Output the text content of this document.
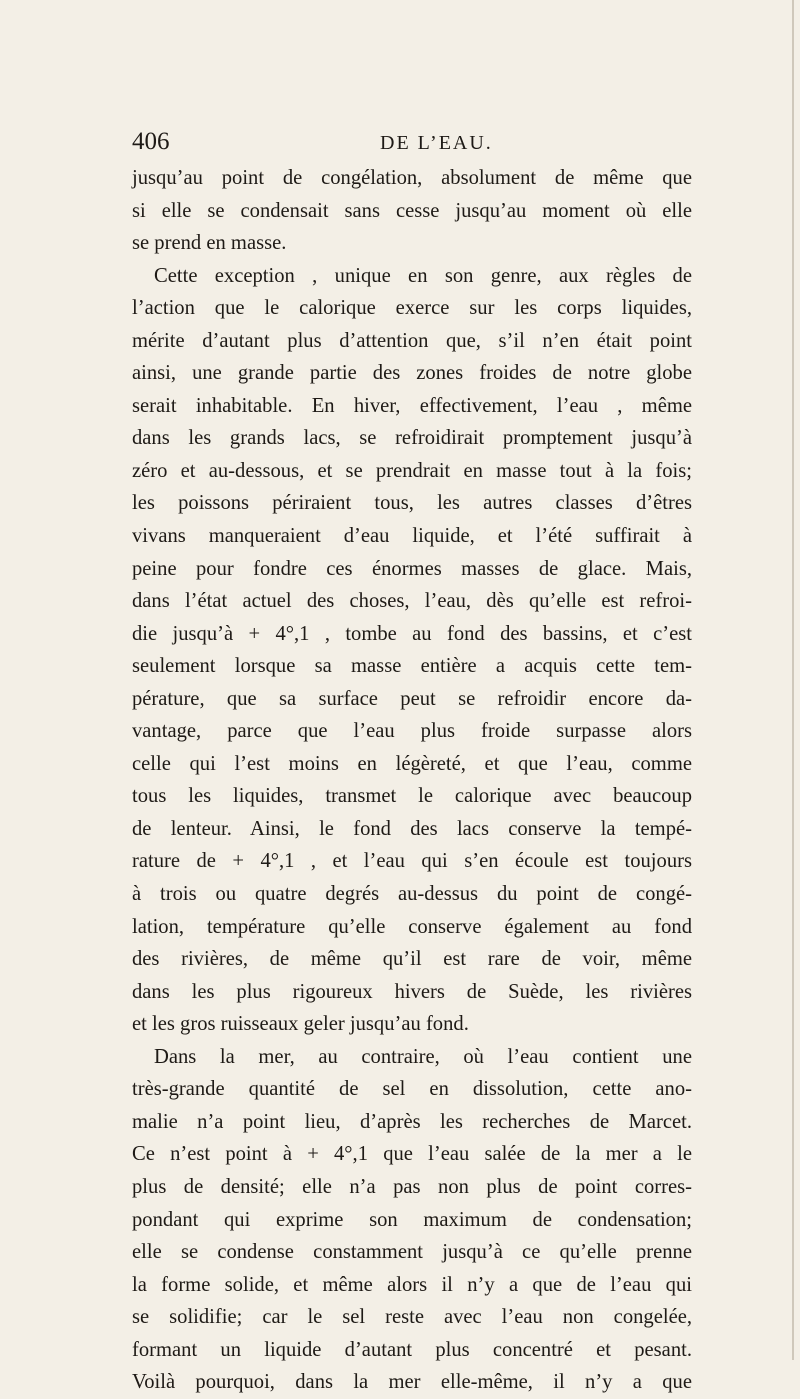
406	DE L’EAU.
jusqu’au point de congélation, absolument de même que
si elle se condensait sans cesse jusqu’au moment où elle
se prend en masse.
Cette exception , unique en son genre, aux règles de
l’action que le calorique exerce sur les corps liquides,
mérite d’autant plus d’attention que, s’il n’en était point
ainsi, une grande partie des zones froides de notre globe
serait inhabitable. En hiver, effectivement, l’eau , même
dans les grands lacs, se refroidirait promptement jusqu’à
zéro et au-dessous, et se prendrait en masse tout à la fois;
les poissons périraient tous, les autres classes d’êtres
vivans manqueraient d’eau liquide, et l’été suffirait à
peine pour fondre ces énormes masses de glace. Mais,
dans l’état actuel des choses, l’eau, dès qu’elle est refroi-
die jusqu’à + 4°,1 , tombe au fond des bassins, et c’est
seulement lorsque sa masse entière a acquis cette tem-
pérature, que sa surface peut se refroidir encore da-
vantage, parce que l’eau plus froide surpasse alors
celle qui l’est moins en légèreté, et que l’eau, comme
tous les liquides, transmet le calorique avec beaucoup
de lenteur. Ainsi, le fond des lacs conserve la tempé-
rature de + 4°,1 , et l’eau qui s’en écoule est toujours
à trois ou quatre degrés au-dessus du point de congé-
lation, température qu’elle conserve également au fond
des rivières, de même qu’il est rare de voir, même
dans les plus rigoureux hivers de Suède, les rivières
et les gros ruisseaux geler jusqu’au fond.
Dans la mer, au contraire, où l’eau contient une
très-grande quantité de sel en dissolution, cette ano-
malie n’a point lieu, d’après les recherches de Marcet.
Ce n’est point à + 4°,1 que l’eau salée de la mer a le
plus de densité; elle n’a pas non plus de point corres-
pondant qui exprime son maximum de condensation;
elle se condense constamment jusqu’à ce qu’elle prenne
la forme solide, et même alors il n’y a que de l’eau qui
se solidifie; car le sel reste avec l’eau non congelée,
formant un liquide d’autant plus concentré et pesant.
Voilà pourquoi, dans la mer elle-même, il n’y a que
